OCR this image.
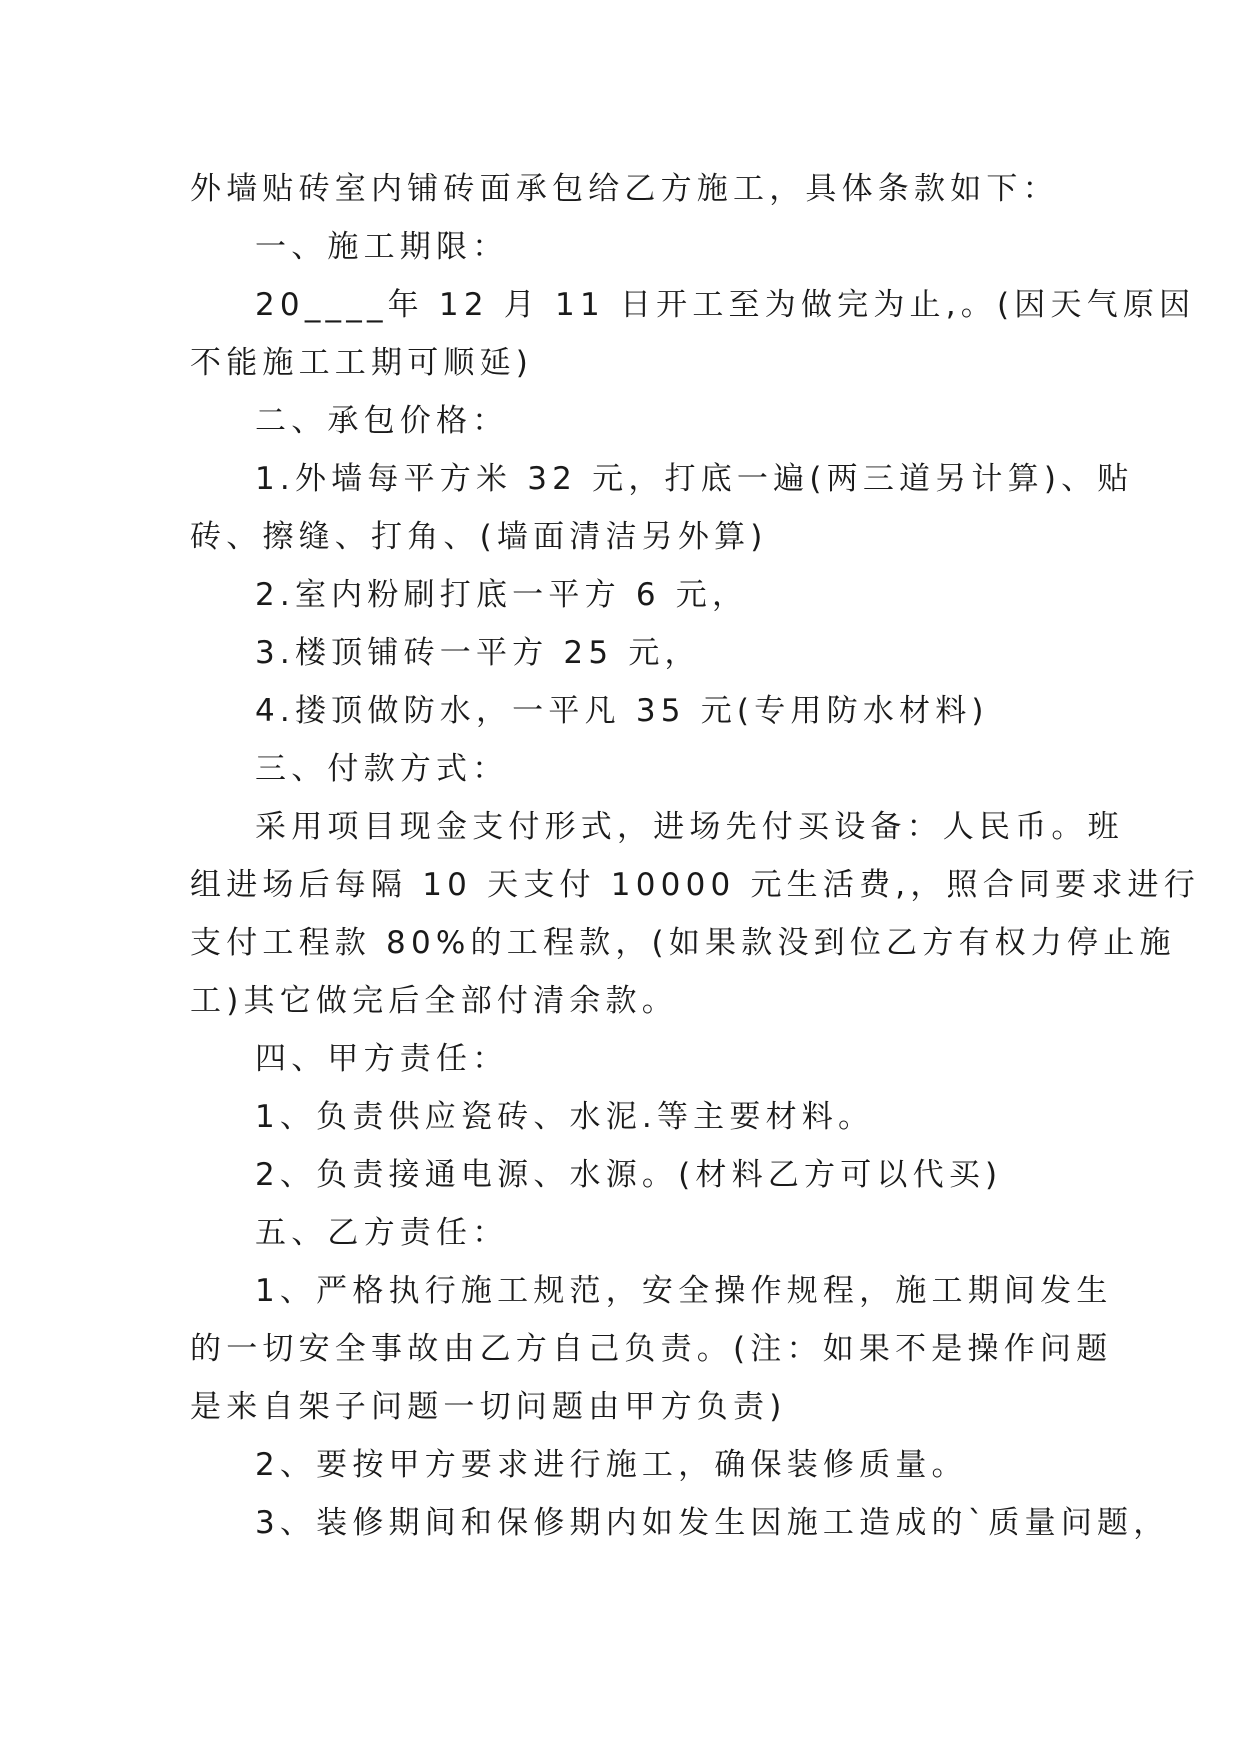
外墙贴砖室内铺砖面承包给乙方施工，具体条款如下：
一、施工期限：
20____年 12 月 11 日开工至为做完为止,。(因天气原因
不能施工工期可顺延)
二、承包价格：
1.外墙每平方米 32 元，打底一遍(两三道另计算)、贴
砖、擦缝、打角、(墙面清洁另外算)
2.室内粉刷打底一平方 6 元，
3.楼顶铺砖一平方 25 元，
4.搂顶做防水，一平凡 35 元(专用防水材料)
三、付款方式：
采用项目现金支付形式，进场先付买设备：人民币。班
组进场后每隔 10 天支付 10000 元生活费,，照合同要求进行
支付工程款 80%的工程款，(如果款没到位乙方有权力停止施
工)其它做完后全部付清余款。
四、甲方责任：
1、负责供应瓷砖、水泥.等主要材料。
2、负责接通电源、水源。(材料乙方可以代买)
五、乙方责任：
1、严格执行施工规范，安全操作规程，施工期间发生
的一切安全事故由乙方自己负责。(注：如果不是操作问题
是来自架子问题一切问题由甲方负责)
2、要按甲方要求进行施工，确保装修质量。
3、装修期间和保修期内如发生因施工造成的`质量问题，
